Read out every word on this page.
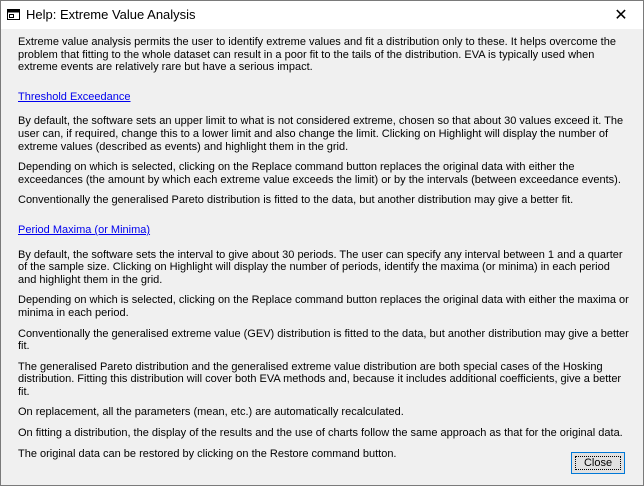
Help: Extreme Value Analysis	✕

Extreme value analysis permits the user to identify extreme values and fit a distribution only to these. It helps overcome the problem that fitting to the whole dataset can result in a poor fit to the tails of the distribution. EVA is typically used when extreme events are relatively rare but have a serious impact.

Threshold Exceedance

By default, the software sets an upper limit to what is not considered extreme, chosen so that about 30 values exceed it. The user can, if required, change this to a lower limit and also change the limit. Clicking on Highlight will display the number of extreme values (described as events) and highlight them in the grid.

Depending on which is selected, clicking on the Replace command button replaces the original data with either the exceedances (the amount by which each extreme value exceeds the limit) or by the intervals (between exceedance events).

Conventionally the generalised Pareto distribution is fitted to the data, but another distribution may give a better fit.

Period Maxima (or Minima)

By default, the software sets the interval to give about 30 periods. The user can specify any interval between 1 and a quarter of the sample size. Clicking on Highlight will display the number of periods, identify the maxima (or minima) in each period and highlight them in the grid.

Depending on which is selected, clicking on the Replace command button replaces the original data with either the maxima or minima in each period.

Conventionally the generalised extreme value (GEV) distribution is fitted to the data, but another distribution may give a better fit.

The generalised Pareto distribution and the generalised extreme value distribution are both special cases of the Hosking distribution. Fitting this distribution will cover both EVA methods and, because it includes additional coefficients, give a better fit.

On replacement, all the parameters (mean, etc.) are automatically recalculated.

On fitting a distribution, the display of the results and the use of charts follow the same approach as that for the original data.

The original data can be restored by clicking on the Restore command button.

Close
